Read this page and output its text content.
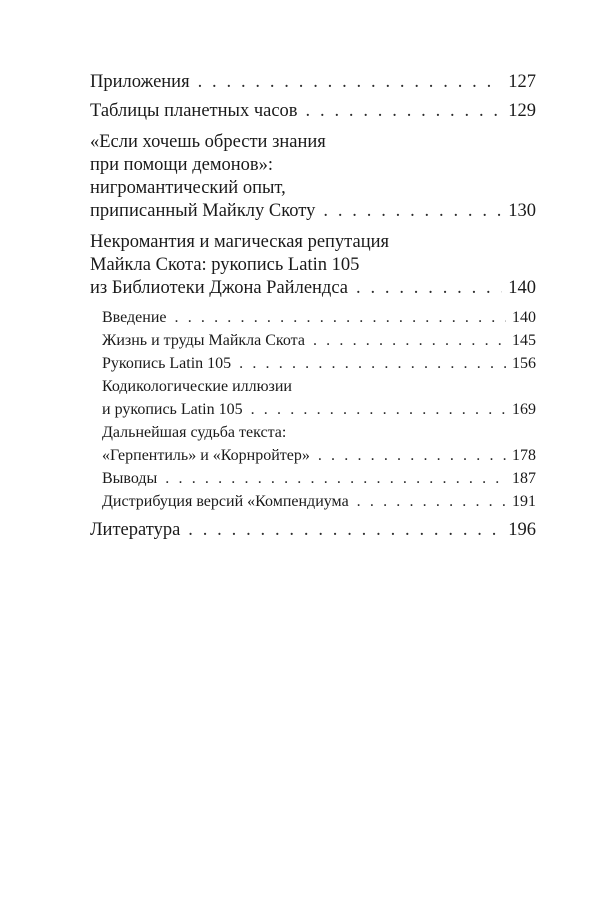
Приложения . . .	127
Таблицы планетных часов . . .	129
«Если хочешь обрести знания
при помощи демонов»:
нигромантический опыт,
приписанный Майклу Скоту . . .	130
Некромантия и магическая репутация
Майкла Скота: рукопись Latin 105
из Библиотеки Джона Райлендса . . .	140
Введение . . .	140
Жизнь и труды Майкла Скота . . .	145
Рукопись Latin 105 . . .	156
Кодикологические иллюзии
и рукопись Latin 105 . . .	169
Дальнейшая судьба текста:
«Герпентиль» и «Корнройтер» . . .	178
Выводы . . .	187
Дистрибуция версий «Компендиума . . .	191
Литература . . .	196
